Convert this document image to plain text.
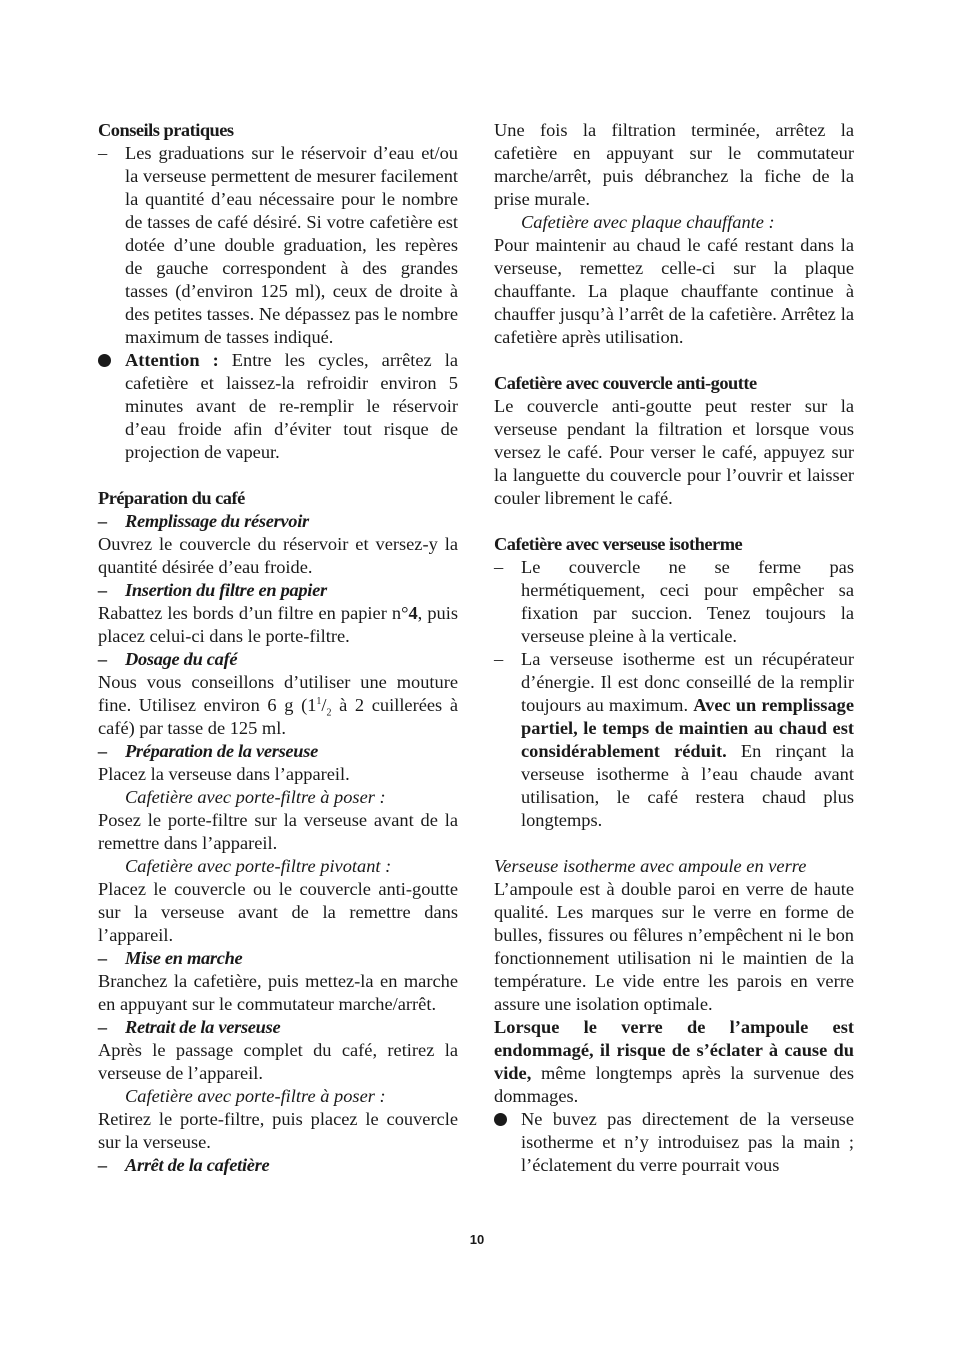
Conseils pratiques
– Les graduations sur le réservoir d’eau et/ou la verseuse permettent de mesurer facilement la quantité d’eau nécessaire pour le nombre de tasses de café désiré. Si votre cafetière est dotée d’une double graduation, les repères de gauche correspondent à des grandes tasses (d’environ 125 ml), ceux de droite à des petites tasses. Ne dépassez pas le nombre maximum de tasses indiqué.
Attention : Entre les cycles, arrêtez la cafetière et laissez-la refroidir environ 5 minutes avant de re-remplir le réservoir d’eau froide afin d’éviter tout risque de projection de vapeur.
Préparation du café
– Remplissage du réservoir

Ouvrez le couvercle du réservoir et versez-y la quantité désirée d’eau froide.

– Insertion du filtre en papier

Rabattez les bords d’un filtre en papier n°4, puis placez celui-ci dans le porte-filtre.

– Dosage du café

Nous vous conseillons d’utiliser une mouture fine. Utilisez environ 6 g ($1^1/_2$ à 2 cuillerées à café) par tasse de 125 ml.

– Préparation de la verseuse

Placez la verseuse dans l’appareil.

Cafetière avec porte-filtre à poser :

Posez le porte-filtre sur la verseuse avant de la remettre dans l’appareil.

Cafetière avec porte-filtre pivotant :

Placez le couvercle ou le couvercle anti-goutte sur la verseuse avant de la remettre dans l’appareil.

– Mise en marche

Branchez la cafetière, puis mettez-la en marche en appuyant sur le commutateur marche/arrêt.

– Retrait de la verseuse

Après le passage complet du café, retirez la verseuse de l’appareil.

Cafetière avec porte-filtre à poser :

Retirez le porte-filtre, puis placez le couvercle sur la verseuse.

– Arrêt de la cafetière

Une fois la filtration terminée, arrêtez la cafetière en appuyant sur le commutateur marche/arrêt, puis débranchez la fiche de la prise murale.

Cafetière avec plaque chauffante :

Pour maintenir au chaud le café restant dans la verseuse, remettez celle-ci sur la plaque chauffante. La plaque chauffante continue à chauffer jusqu’à l’arrêt de la cafetière. Arrêtez la cafetière après utilisation.

Cafetière avec couvercle anti-goutte

Le couvercle anti-goutte peut rester sur la verseuse pendant la filtration et lorsque vous versez le café. Pour verser le café, appuyez sur la languette du couvercle pour l’ouvrir et laisser couler librement le café.

Cafetière avec verseuse isotherme
– Le couvercle ne se ferme pas hermétiquement, ceci pour empêcher sa fixation par succion. Tenez toujours la verseuse pleine à la verticale.
– La verseuse isotherme est un récupérateur d’énergie. Il est donc conseillé de la remplir toujours au maximum. Avec un remplissage partiel, le temps de maintien au chaud est considérablement réduit. En rinçant la verseuse isotherme à l’eau chaude avant utilisation, le café restera chaud plus longtemps.
Verseuse isotherme avec ampoule en verre

L’ampoule est à double paroi en verre de haute qualité. Les marques sur le verre en forme de bulles, fissures ou fêlures n’empêchent ni le bon fonctionnement utilisation ni le maintien de la température. Le vide entre les parois en verre assure une isolation optimale.

Lorsque le verre de l’ampoule est endommagé, il risque de s’éclater à cause du vide, même longtemps après la survenue des dommages.

Ne buvez pas directement de la verseuse isotherme et n’y introduisez pas la main ; l’éclatement du verre pourrait vous
10
